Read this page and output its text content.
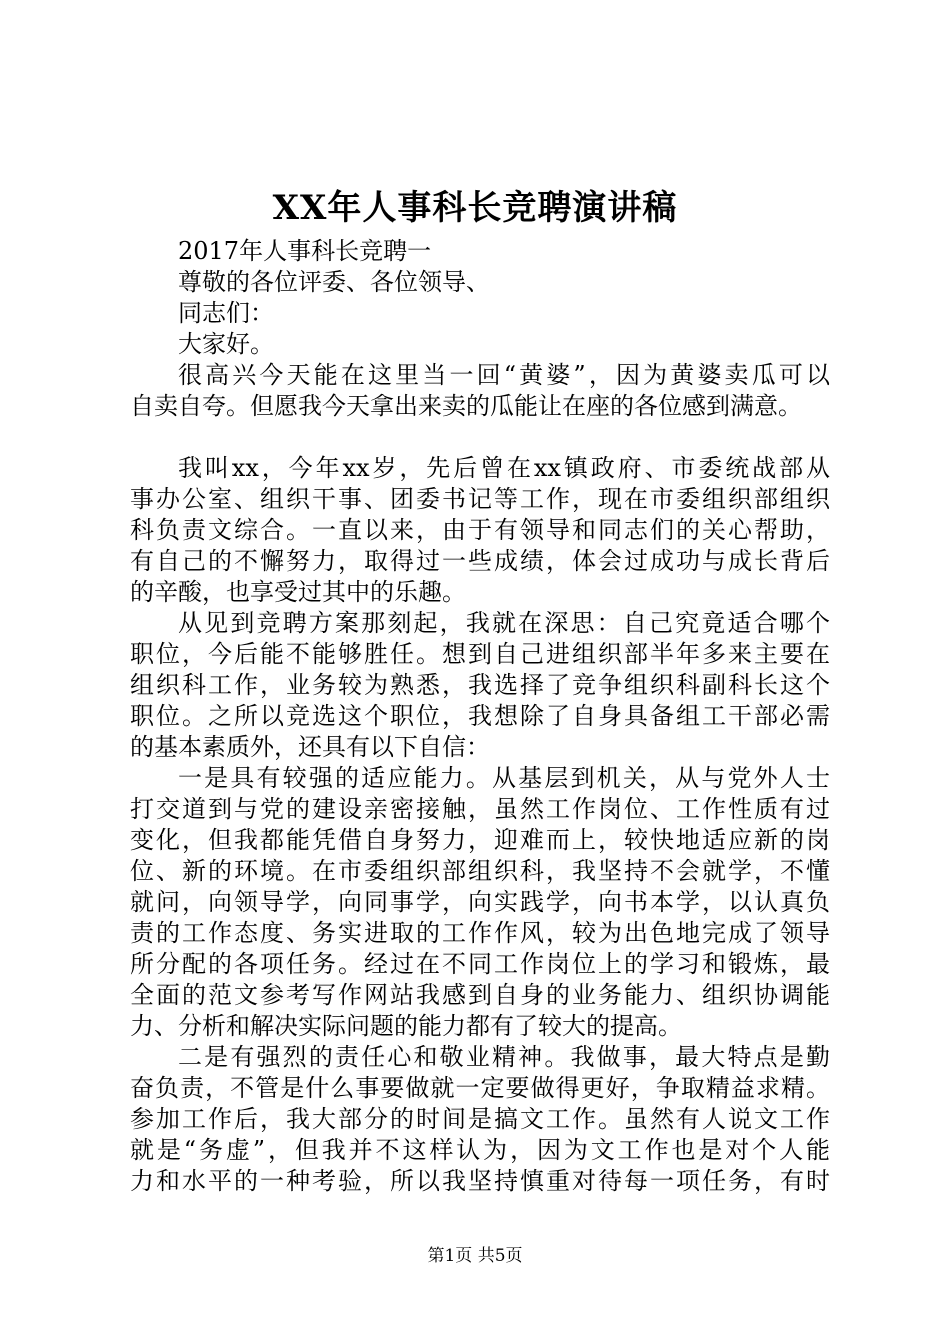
XX年人事科长竞聘演讲稿
2017年人事科长竞聘一
尊敬的各位评委、各位领导、
同志们：
大家好。
很高兴今天能在这里当一回“黄婆”，因为黄婆卖瓜可以
自卖自夸。但愿我今天拿出来卖的瓜能让在座的各位感到满意。
我叫xx，今年xx岁，先后曾在xx镇政府、市委统战部从
事办公室、组织干事、团委书记等工作，现在市委组织部组织
科负责文综合。一直以来，由于有领导和同志们的关心帮助，
有自己的不懈努力，取得过一些成绩，体会过成功与成长背后
的辛酸，也享受过其中的乐趣。
从见到竞聘方案那刻起，我就在深思：自己究竟适合哪个
职位，今后能不能够胜任。想到自己进组织部半年多来主要在
组织科工作，业务较为熟悉，我选择了竞争组织科副科长这个
职位。之所以竞选这个职位，我想除了自身具备组工干部必需
的基本素质外，还具有以下自信：
一是具有较强的适应能力。从基层到机关，从与党外人士
打交道到与党的建设亲密接触，虽然工作岗位、工作性质有过
变化，但我都能凭借自身努力，迎难而上，较快地适应新的岗
位、新的环境。在市委组织部组织科，我坚持不会就学，不懂
就问，向领导学，向同事学，向实践学，向书本学，以认真负
责的工作态度、务实进取的工作作风，较为出色地完成了领导
所分配的各项任务。经过在不同工作岗位上的学习和锻炼，最
全面的范文参考写作网站我感到自身的业务能力、组织协调能
力、分析和解决实际问题的能力都有了较大的提高。
二是有强烈的责任心和敬业精神。我做事，最大特点是勤
奋负责，不管是什么事要做就一定要做得更好，争取精益求精。
参加工作后，我大部分的时间是搞文工作。虽然有人说文工作
就是“务虚”，但我并不这样认为，因为文工作也是对个人能
力和水平的一种考验，所以我坚持慎重对待每一项任务，有时
第1页 共5页
